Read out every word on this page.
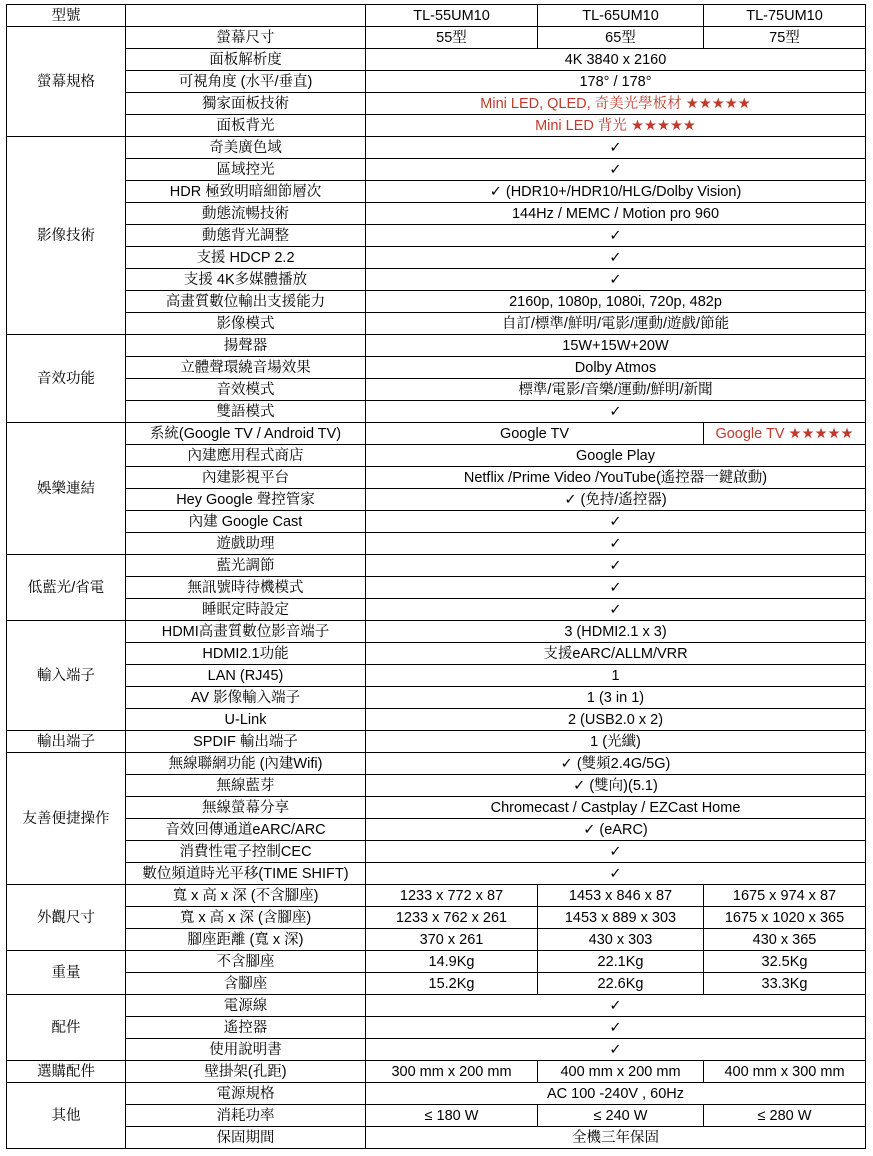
型號		TL-55UM10	TL-65UM10	TL-75UM10
螢幕規格	螢幕尺寸	55型	65型	75型
	面板解析度	4K 3840 x 2160		
	可視角度 (水平/垂直)	178° / 178°		
	獨家面板技術	Mini LED, QLED, 奇美光學板材 ★★★★★		
	面板背光	Mini LED 背光 ★★★★★		
影像技術	奇美廣色域	✓		
	區域控光	✓		
	HDR 極致明暗細節層次	✓ (HDR10+/HDR10/HLG/Dolby Vision)		
	動態流暢技術	144Hz / MEMC / Motion pro 960		
	動態背光調整	✓		
	支援 HDCP 2.2	✓		
	支援 4K多媒體播放	✓		
	高畫質數位輸出支援能力	2160p, 1080p, 1080i, 720p, 482p		
	影像模式	自訂/標準/鮮明/電影/運動/遊戲/節能		
音效功能	揚聲器	15W+15W+20W		
	立體聲環繞音場效果	Dolby Atmos		
	音效模式	標準/電影/音樂/運動/鮮明/新聞		
	雙語模式	✓		
娛樂連結	系統(Google TV / Android TV)	Google TV		Google TV ★★★★★
	內建應用程式商店	Google Play		
	內建影視平台	Netflix /Prime Video /YouTube(遙控器一鍵啟動)		
	Hey Google 聲控管家	✓ (免持/遙控器)		
	內建 Google Cast	✓		
	遊戲助理	✓		
低藍光/省電	藍光調節	✓		
	無訊號時待機模式	✓		
	睡眠定時設定	✓		
輸入端子	HDMI高畫質數位影音端子	3 (HDMI2.1 x 3)		
	HDMI2.1功能	支援eARC/ALLM/VRR		
	LAN (RJ45)	1		
	AV 影像輸入端子	1 (3 in 1)		
	U-Link	2 (USB2.0 x 2)		
輸出端子	SPDIF 輸出端子	1 (光纖)		
友善便捷操作	無線聯網功能 (內建Wifi)	✓ (雙頻2.4G/5G)		
	無線藍芽	✓ (雙向)(5.1)		
	無線螢幕分享	Chromecast / Castplay / EZCast Home		
	音效回傳通道eARC/ARC	✓ (eARC)		
	消費性電子控制CEC	✓		
	數位頻道時光平移(TIME SHIFT)	✓		
外觀尺寸	寬 x 高 x 深 (不含腳座)	1233 x 772 x 87	1453 x 846 x 87	1675 x 974 x 87
	寬 x 高 x 深 (含腳座)	1233 x 762 x 261	1453 x 889 x 303	1675 x 1020 x 365
	腳座距離 (寬 x 深)	370 x 261	430 x 303	430 x 365
重量	不含腳座	14.9Kg	22.1Kg	32.5Kg
	含腳座	15.2Kg	22.6Kg	33.3Kg
配件	電源線	✓		
	遙控器	✓		
	使用說明書	✓		
選購配件	壁掛架(孔距)	300 mm x 200 mm	400 mm x 200 mm	400 mm x 300 mm
其他	電源規格	AC 100 -240V , 60Hz		
	消耗功率	≤ 180 W	≤ 240 W	≤ 280 W
	保固期間	全機三年保固		
